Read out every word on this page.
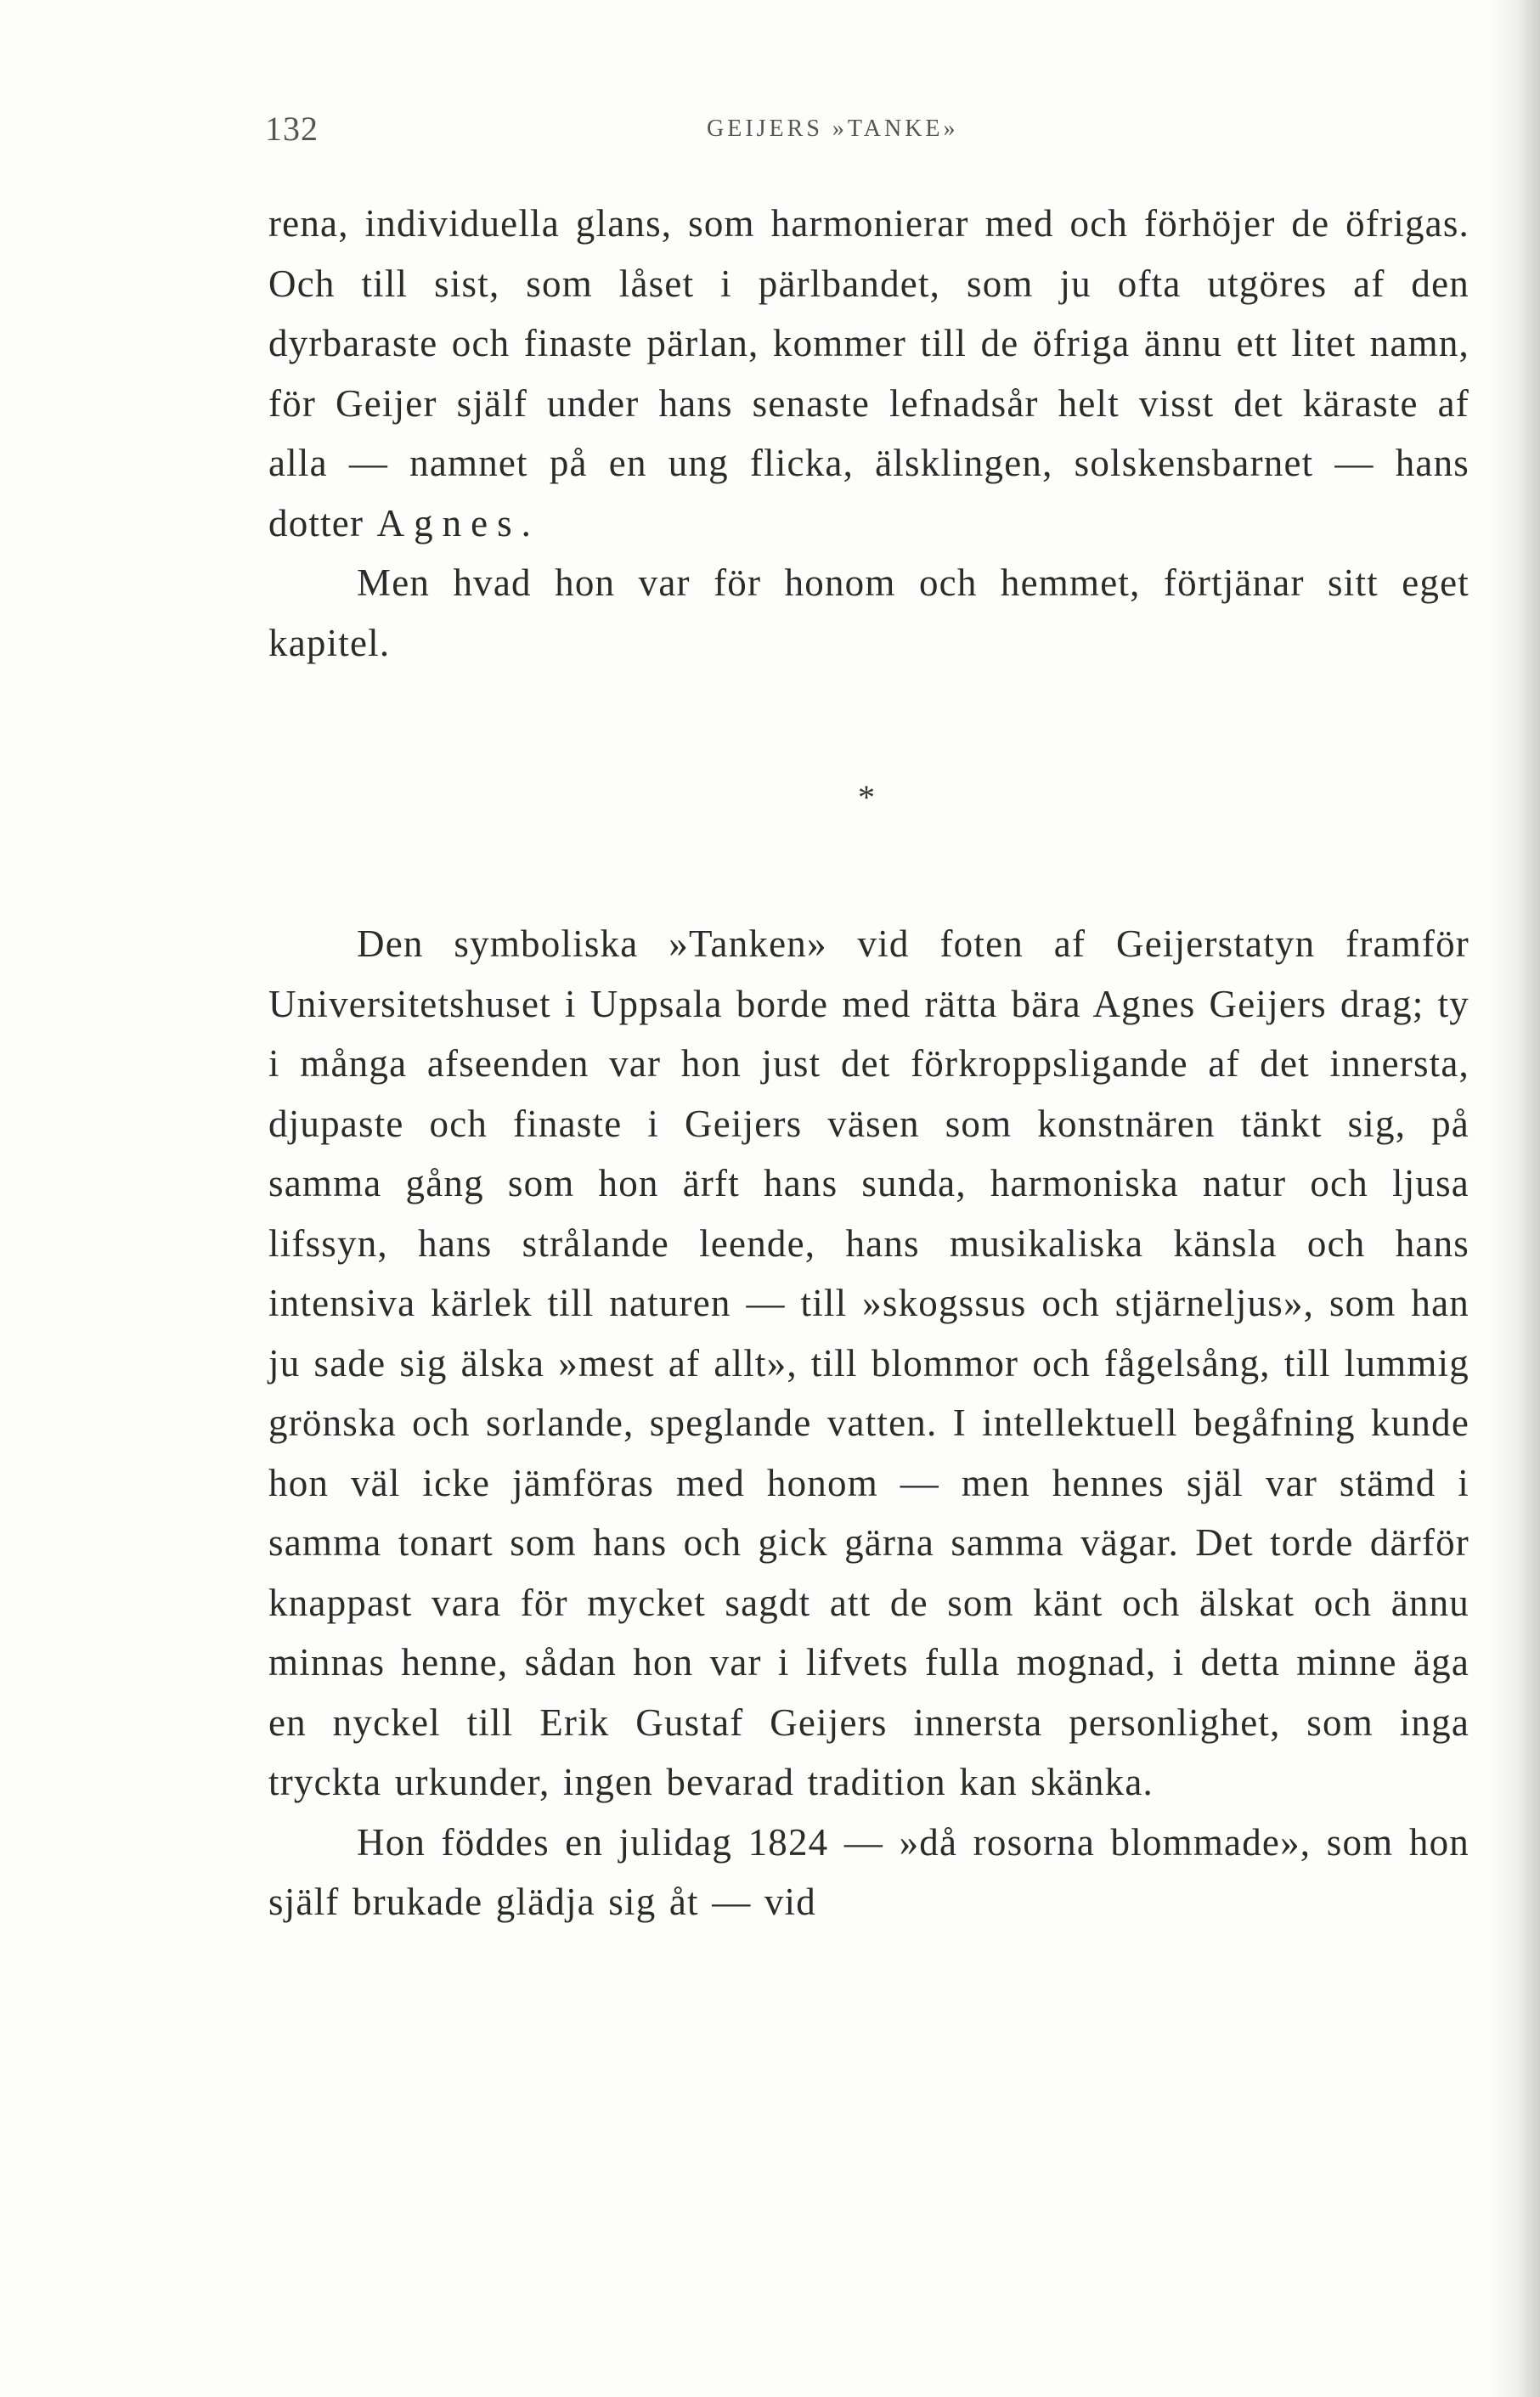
132	GEIJERS »TANKE»

rena, individuella glans, som harmonierar med och förhöjer de öfrigas. Och till sist, som låset i pärlbandet, som ju ofta utgöres af den dyrbaraste och finaste pärlan, kommer till de öfriga ännu ett litet namn, för Geijer själf under hans senaste lefnadsår helt visst det käraste af alla — namnet på en ung flicka, älsklingen, solskensbarnet — hans dotter Agnes.

Men hvad hon var för honom och hemmet, förtjänar sitt eget kapitel.

*

Den symboliska »Tanken» vid foten af Geijerstatyn framför Universitetshuset i Uppsala borde med rätta bära Agnes Geijers drag; ty i många afseenden var hon just det förkroppsligande af det innersta, djupaste och finaste i Geijers väsen som konstnären tänkt sig, på samma gång som hon ärft hans sunda, harmoniska natur och ljusa lifssyn, hans strålande leende, hans musikaliska känsla och hans intensiva kärlek till naturen — till »skogssus och stjärneljus», som han ju sade sig älska »mest af allt», till blommor och fågelsång, till lummig grönska och sorlande, speglande vatten. I intellektuell begåfning kunde hon väl icke jämföras med honom — men hennes själ var stämd i samma tonart som hans och gick gärna samma vägar. Det torde därför knappast vara för mycket sagdt att de som känt och älskat och ännu minnas henne, sådan hon var i lifvets fulla mognad, i detta minne äga en nyckel till Erik Gustaf Geijers innersta personlighet, som inga tryckta urkunder, ingen bevarad tradition kan skänka.

Hon föddes en julidag 1824 — »då rosorna blommade», som hon själf brukade glädja sig åt — vid
